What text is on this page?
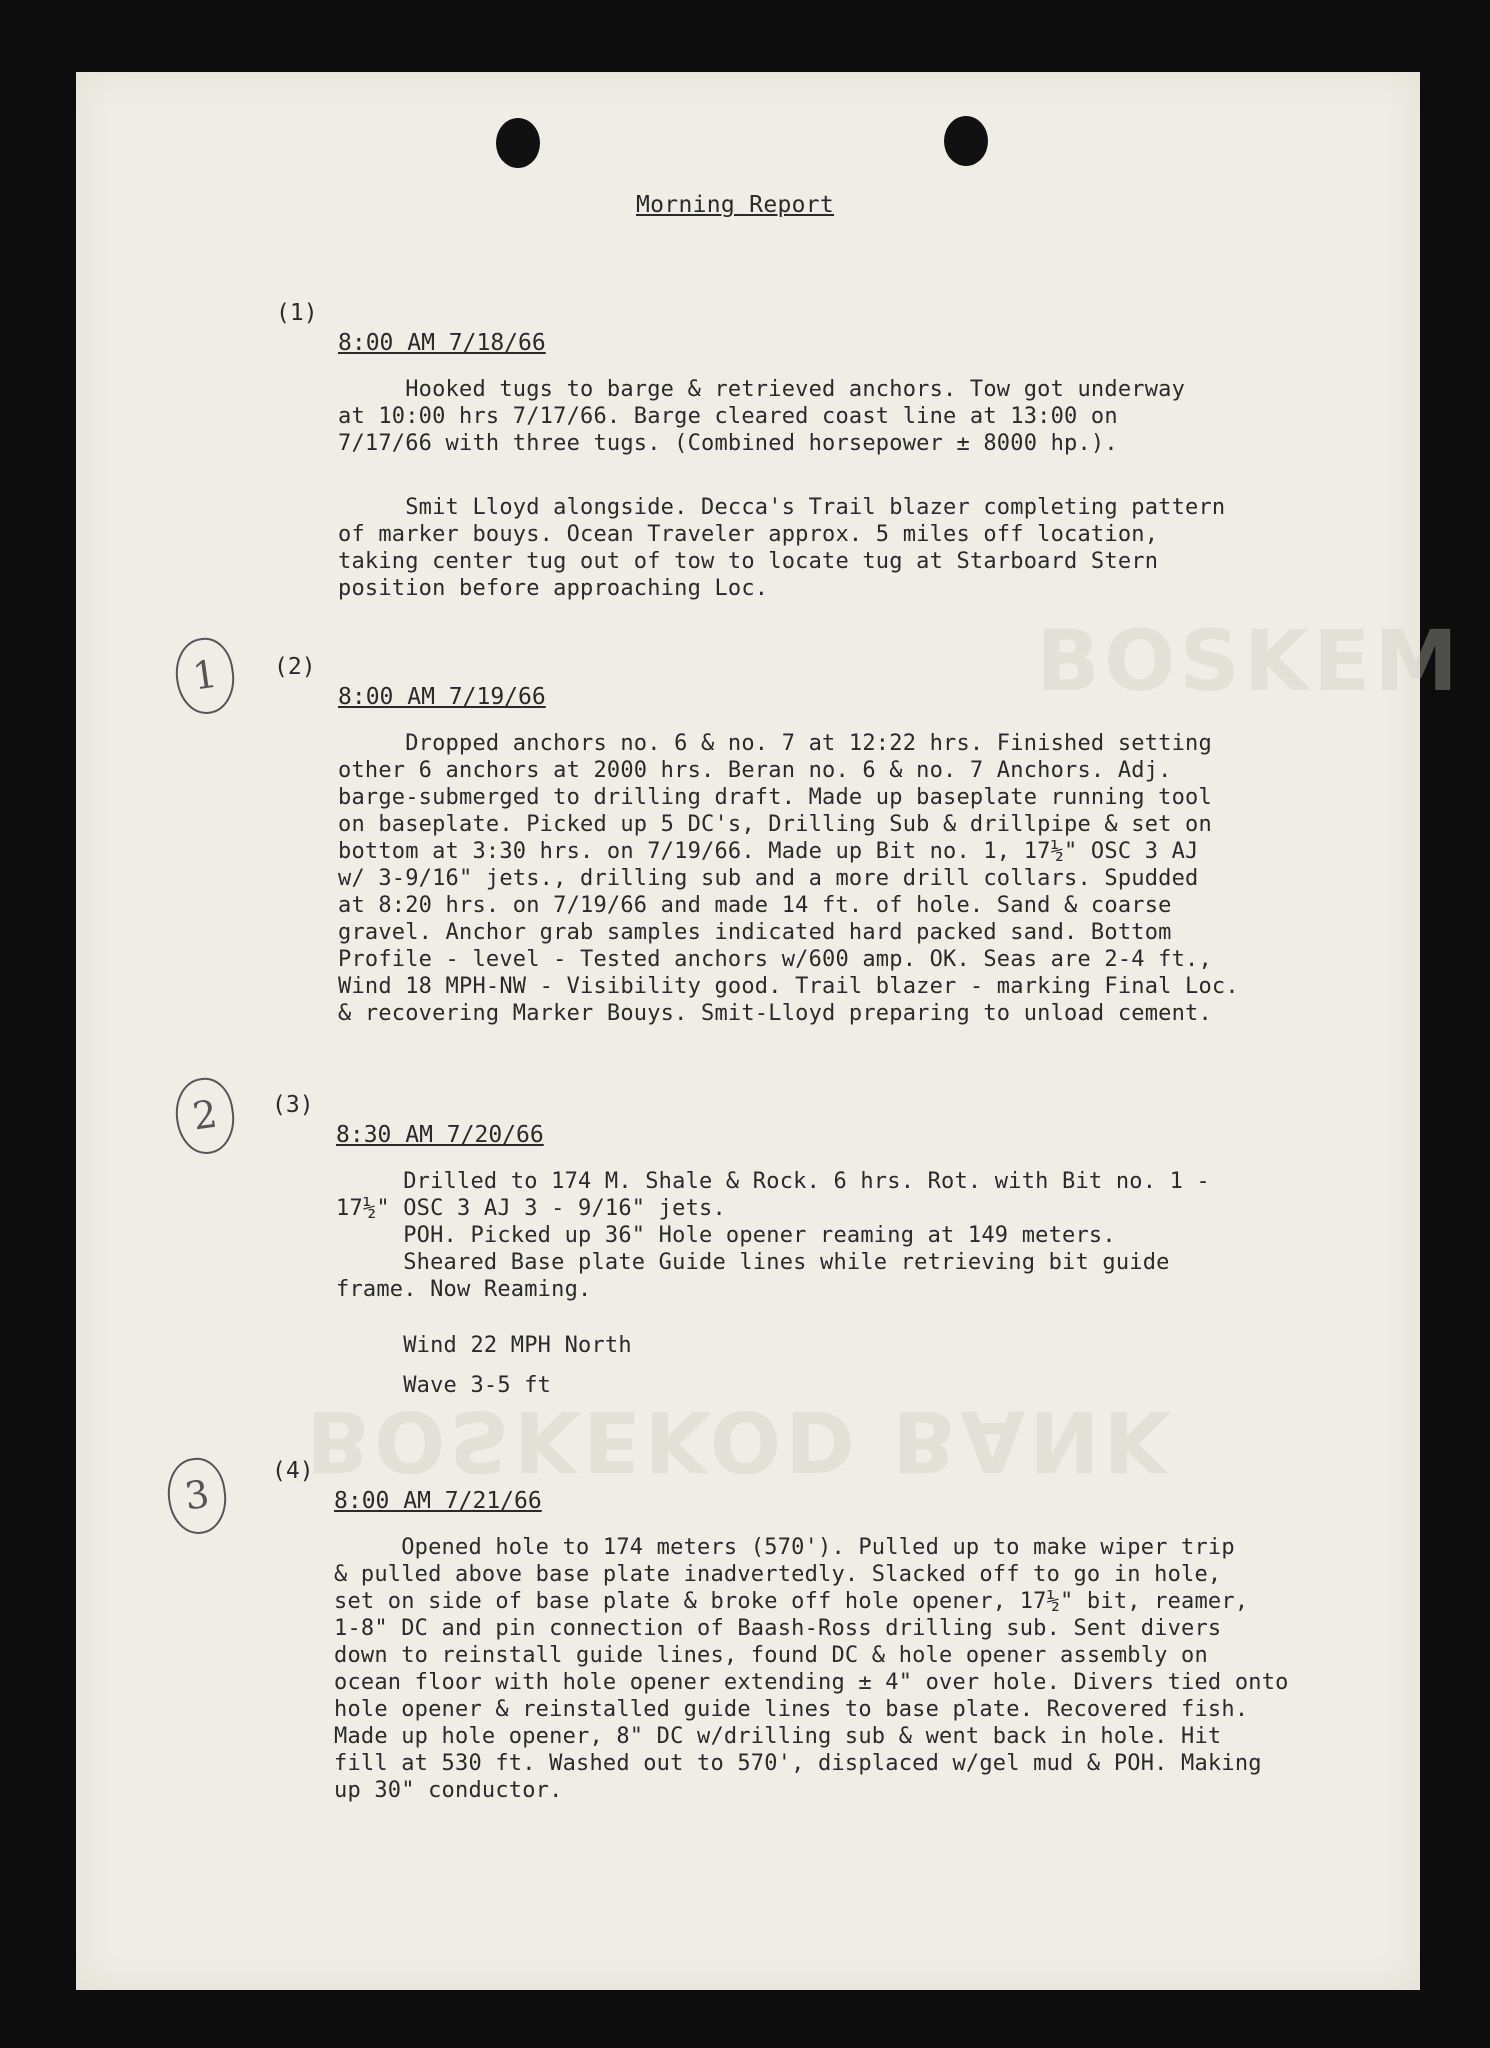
BOSKEM
BOSKEKOD BANK
Morning Report
(1)
8:00 AM 7/18/66
Hooked tugs to barge & retrieved anchors. Tow got underway
at 10:00 hrs 7/17/66. Barge cleared coast line at 13:00 on
7/17/66 with three tugs. (Combined horsepower ± 8000 hp.).
Smit Lloyd alongside. Decca's Trail blazer completing pattern
of marker bouys. Ocean Traveler approx. 5 miles off location,
taking center tug out of tow to locate tug at Starboard Stern
position before approaching Loc.
1	(2)
8:00 AM 7/19/66
Dropped anchors no. 6 & no. 7 at 12:22 hrs. Finished setting
other 6 anchors at 2000 hrs. Beran no. 6 & no. 7 Anchors. Adj.
barge-submerged to drilling draft. Made up baseplate running tool
on baseplate. Picked up 5 DC's, Drilling Sub & drillpipe & set on
bottom at 3:30 hrs. on 7/19/66. Made up Bit no. 1, 17½" OSC 3 AJ
w/ 3-9/16" jets., drilling sub and a more drill collars. Spudded
at 8:20 hrs. on 7/19/66 and made 14 ft. of hole. Sand & coarse
gravel. Anchor grab samples indicated hard packed sand. Bottom
Profile - level - Tested anchors w/600 amp. OK. Seas are 2-4 ft.,
Wind 18 MPH-NW - Visibility good. Trail blazer - marking Final Loc.
& recovering Marker Bouys. Smit-Lloyd preparing to unload cement.
2	(3)
8:30 AM 7/20/66
Drilled to 174 M. Shale & Rock. 6 hrs. Rot. with Bit no. 1 -
17½" OSC 3 AJ 3 - 9/16" jets.
POH. Picked up 36" Hole opener reaming at 149 meters.
Sheared Base plate Guide lines while retrieving bit guide
frame. Now Reaming.
Wind 22 MPH North
Wave 3-5 ft
3
(4)
8:00 AM 7/21/66
Opened hole to 174 meters (570'). Pulled up to make wiper trip
& pulled above base plate inadvertedly. Slacked off to go in hole,
set on side of base plate & broke off hole opener, 17½" bit, reamer,
1-8" DC and pin connection of Baash-Ross drilling sub. Sent divers
down to reinstall guide lines, found DC & hole opener assembly on
ocean floor with hole opener extending ± 4" over hole. Divers tied onto
hole opener & reinstalled guide lines to base plate. Recovered fish.
Made up hole opener, 8" DC w/drilling sub & went back in hole. Hit
fill at 530 ft. Washed out to 570', displaced w/gel mud & POH. Making
up 30" conductor.
